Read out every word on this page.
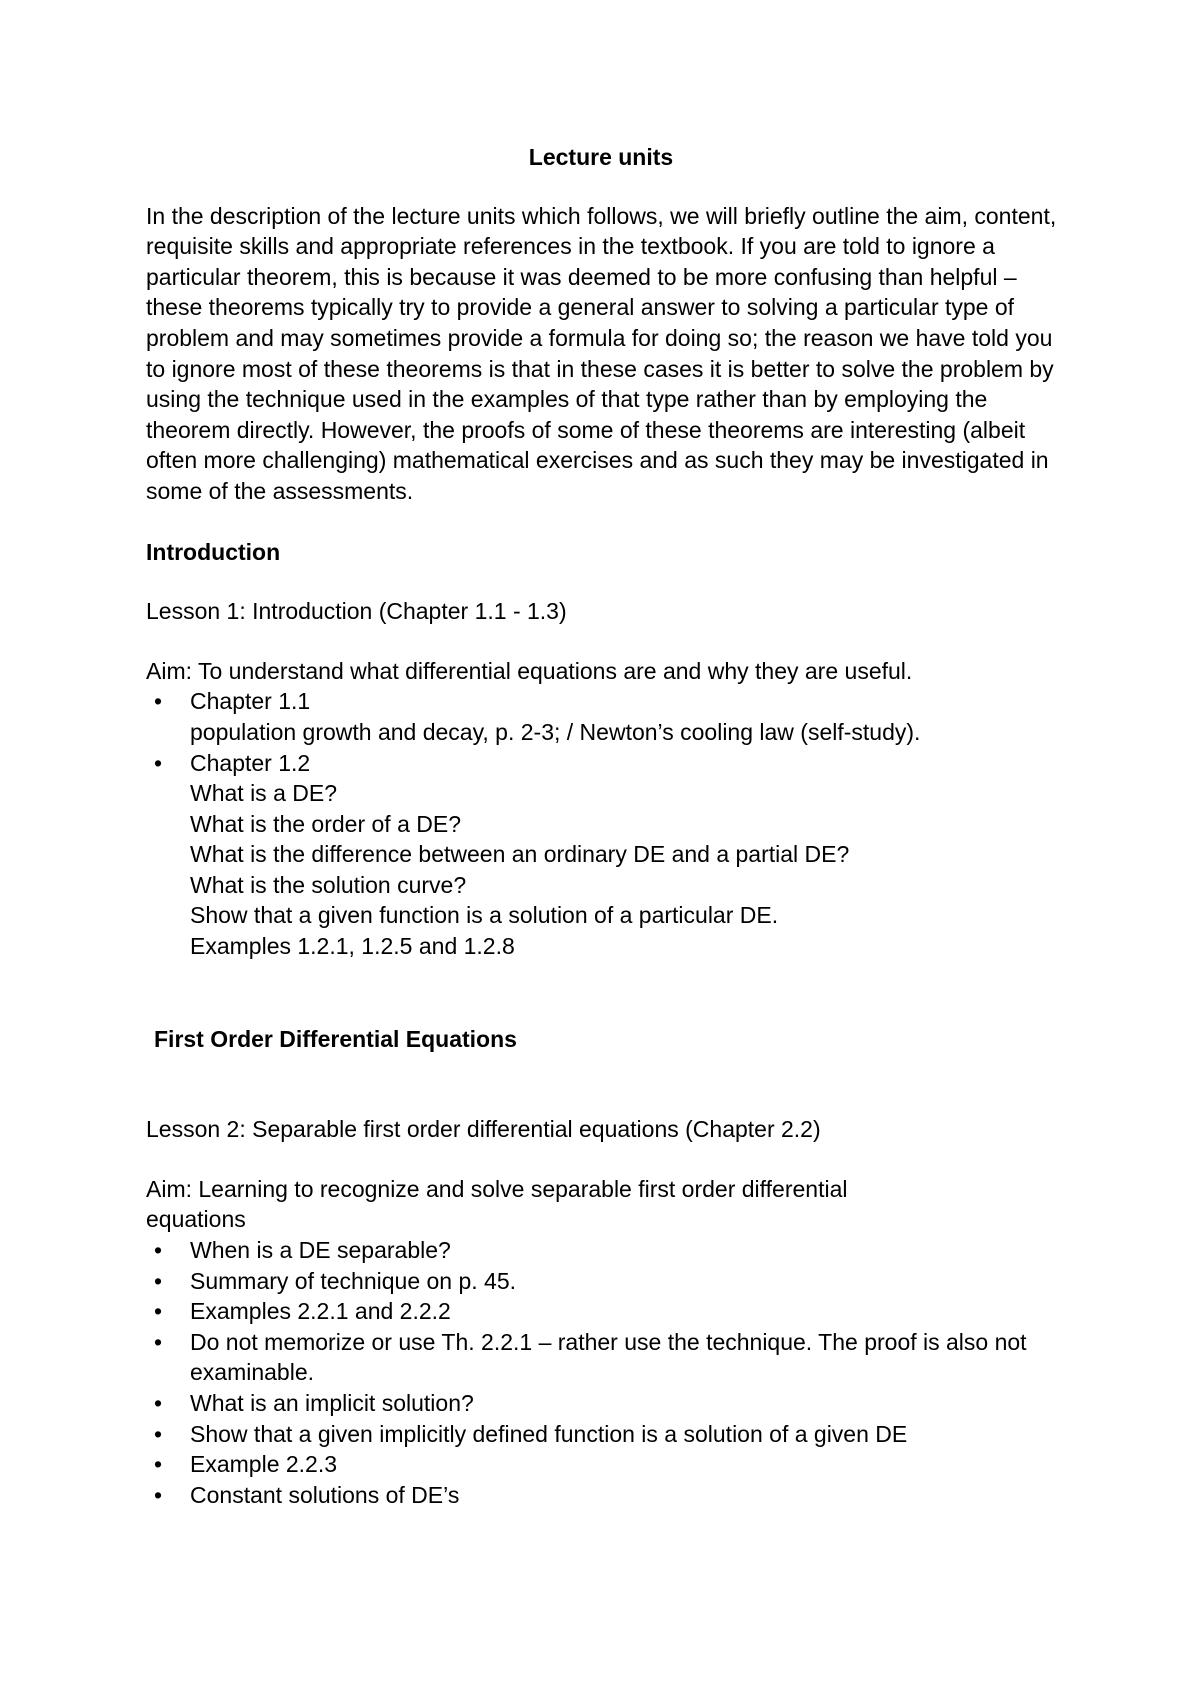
Lecture units

In the description of the lecture units which follows, we will briefly outline the aim, content, requisite skills and appropriate references in the textbook. If you are told to ignore a particular theorem, this is because it was deemed to be more confusing than helpful – these theorems typically try to provide a general answer to solving a particular type of problem and may sometimes provide a formula for doing so; the reason we have told you to ignore most of these theorems is that in these cases it is better to solve the problem by using the technique used in the examples of that type rather than by employing the theorem directly. However, the proofs of some of these theorems are interesting (albeit often more challenging) mathematical exercises and as such they may be investigated in some of the assessments.

Introduction
Lesson 1: Introduction (Chapter 1.1 - 1.3)
Aim: To understand what differential equations are and why they are useful.
• Chapter 1.1
population growth and decay, p. 2-3; / Newton’s cooling law (self-study).
• Chapter 1.2
What is a DE?
What is the order of a DE?
What is the difference between an ordinary DE and a partial DE?
What is the solution curve?
Show that a given function is a solution of a particular DE.
Examples 1.2.1, 1.2.5 and 1.2.8
First Order Differential Equations
Lesson 2: Separable first order differential equations (Chapter 2.2)
Aim: Learning to recognize and solve separable first order differential
equations
• When is a DE separable?
• Summary of technique on p. 45.
• Examples 2.2.1 and 2.2.2
• Do not memorize or use Th. 2.2.1 – rather use the technique. The proof is also not examinable.
• What is an implicit solution?
• Show that a given implicitly defined function is a solution of a given DE
• Example 2.2.3
• Constant solutions of DE’s
